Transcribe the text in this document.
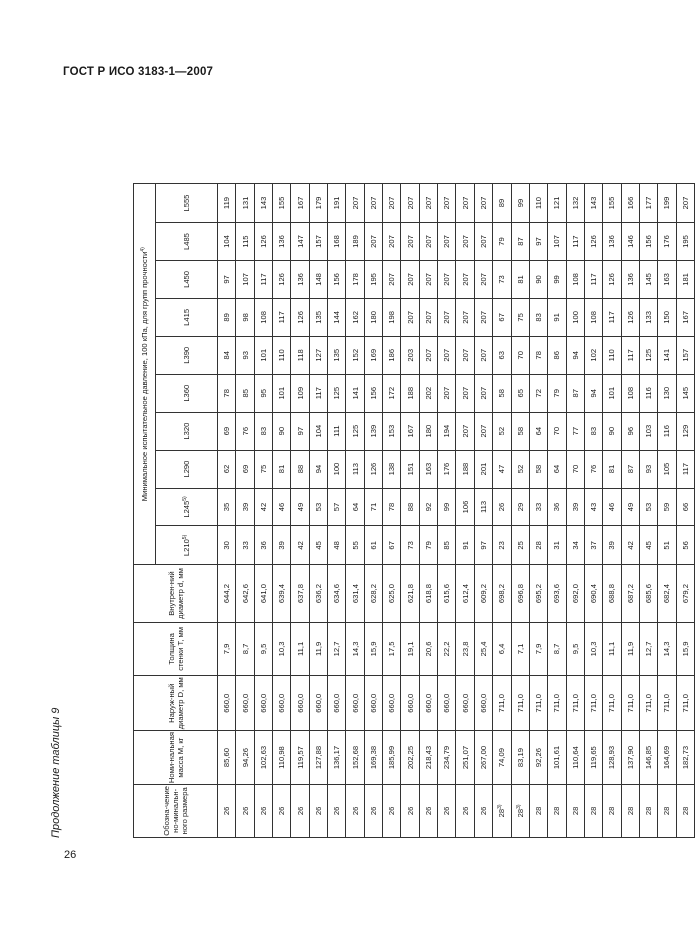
ГОСТ Р ИСО 3183-1—2007
Продолжение таблицы 9	Обозна-чение но-минальн-ного размера	Номи-нальная масса M, кг	Наруж-ный диаметр D, мм	Толщина стенки T, мм	Внутрен-ний диаметр d, мм	Минимальное испытательное давление, 100 кПа, для групп прочности$^{4)}$
					L210$^{5)}$	L245$^{5)}$	L290	L320	L360	L390	L415	L450	L485	L555
26	85,60	660,0	7,9	644,2	30	35	62	69	78	84	89	97	104	119
26	94,26	660,0	8,7	642,6	33	39	69	76	85	93	98	107	115	131
26	102,63	660,0	9,5	641,0	36	42	75	83	95	101	108	117	126	143
26	110,98	660,0	10,3	639,4	39	46	81	90	101	110	117	126	136	155
26	119,57	660,0	11,1	637,8	42	49	88	97	109	118	126	136	147	167
26	127,88	660,0	11,9	636,2	45	53	94	104	117	127	135	148	157	179
26	136,17	660,0	12,7	634,6	48	57	100	111	125	135	144	156	168	191
26	152,68	660,0	14,3	631,4	55	64	113	125	141	152	162	178	189	207
26	169,38	660,0	15,9	628,2	61	71	126	139	156	169	180	195	207	207
26	185,99	660,0	17,5	625,0	67	78	138	153	172	186	198	207	207	207
26	202,25	660,0	19,1	621,8	73	88	151	167	188	203	207	207	207	207
26	218,43	660,0	20,6	618,8	79	92	163	180	202	207	207	207	207	207
26	234,79	660,0	22,2	615,6	85	99	176	194	207	207	207	207	207	207
26	251,07	660,0	23,8	612,4	91	106	188	207	207	207	207	207	207	207
26	267,00	660,0	25,4	609,2	97	113	201	207	207	207	207	207	207	207
28$^{3)}$	74,09	711,0	6,4	698,2	23	26	47	52	58	63	67	73	79	89
28$^{3)}$	83,19	711,0	7,1	696,8	25	29	52	58	65	70	75	81	87	99
28	92,26	711,0	7,9	695,2	28	33	58	64	72	78	83	90	97	110
28	101,61	711,0	8,7	693,6	31	36	64	70	79	86	91	99	107	121
28	110,64	711,0	9,5	692,0	34	39	70	77	87	94	100	108	117	132
28	119,65	711,0	10,3	690,4	37	43	76	83	94	102	108	117	126	143
28	128,93	711,0	11,1	688,8	39	46	81	90	101	110	117	126	136	155
28	137,90	711,0	11,9	687,2	42	49	87	96	108	117	126	136	146	166
28	146,85	711,0	12,7	685,6	45	53	93	103	116	125	133	145	156	177
28	164,69	711,0	14,3	682,4	51	59	105	116	130	141	150	163	176	199
28	182,73	711,0	15,9	679,2	56	66	117	129	145	157	167	181	195	207
26
